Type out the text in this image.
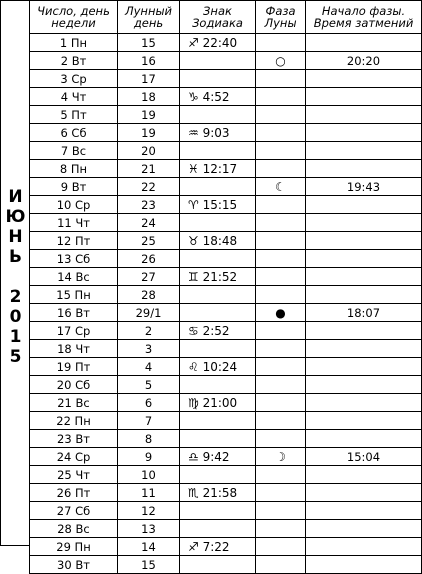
И
Ю
Н
Ь
2
0
1
5
Число, день недели	Лунный день	Знак Зодиака	Фаза Луны	Начало фазы. Время затмений
1 Пн	15	♐ 22:40		
2 Вт	16		○	20:20
3 Ср	17			
4 Чт	18	♑ 4:52		
5 Пт	19			
6 Сб	19	♒ 9:03		
7 Вс	20			
8 Пн	21	♓ 12:17		
9 Вт	22		☾	19:43
10 Ср	23	♈ 15:15		
11 Чт	24			
12 Пт	25	♉ 18:48		
13 Сб	26			
14 Вс	27	♊ 21:52		
15 Пн	28			
16 Вт	29/1		●	18:07
17 Ср	2	♋ 2:52		
18 Чт	3			
19 Пт	4	♌ 10:24		
20 Сб	5			
21 Вс	6	♍ 21:00		
22 Пн	7			
23 Вт	8			
24 Ср	9	♎ 9:42	☽	15:04
25 Чт	10			
26 Пт	11	♏ 21:58		
27 Сб	12			
28 Вс	13			
29 Пн	14	♐ 7:22		
30 Вт	15			
